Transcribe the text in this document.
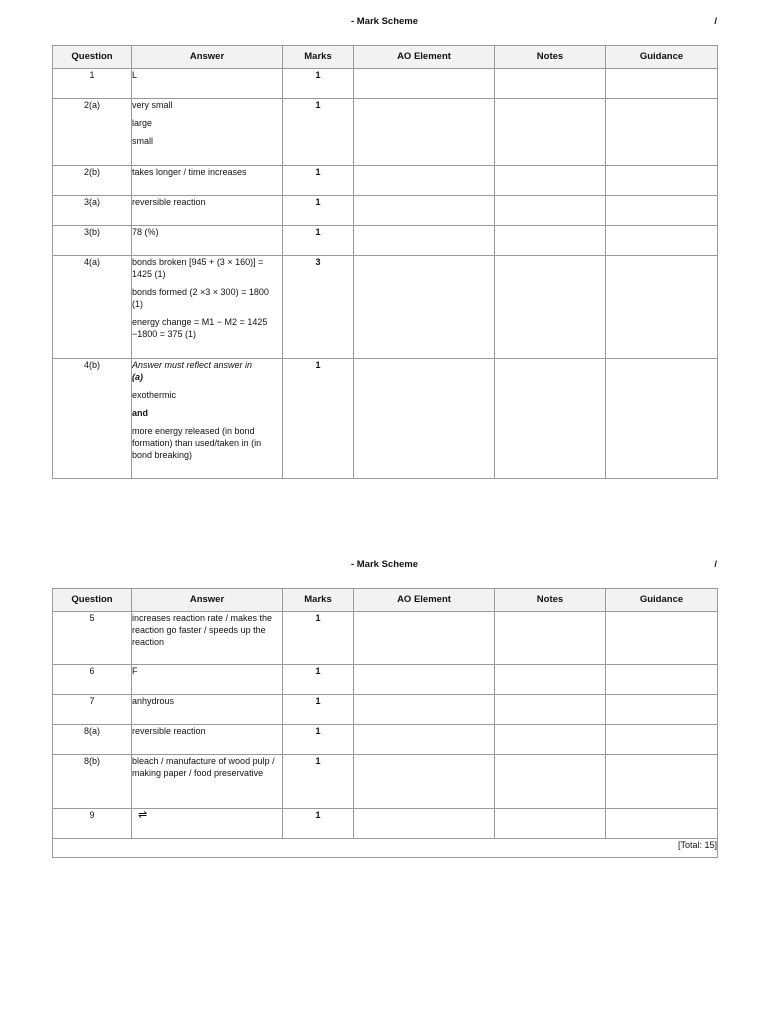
- Mark Scheme	/
Question	Answer	Marks	AO Element	Notes	Guidance
1	L	1			
2(a)	very small
large
small	1			
2(b)	takes longer / time increases	1			
3(a)	reversible reaction	1			
3(b)	78 (%)	1			
4(a)	bonds broken [945 + (3 × 160)] = 1425 (1)
bonds formed (2 ×3 × 300) = 1800 (1)
energy change = M1 − M2 = 1425 −1800 = 375 (1)	3			
4(b)	Answer must reflect answer in
(a)
exothermic
and
more energy released (in bond formation) than used/taken in (in bond breaking)	1			
- Mark Scheme	/
Question	Answer	Marks	AO Element	Notes	Guidance
5	increases reaction rate / makes the reaction go faster / speeds up the reaction	1			
6	F	1			
7	anhydrous	1			
8(a)	reversible reaction	1			
8(b)	bleach / manufacture of wood pulp / making paper / food preservative	1			
9	⇌	1			
[Total: 15]					
